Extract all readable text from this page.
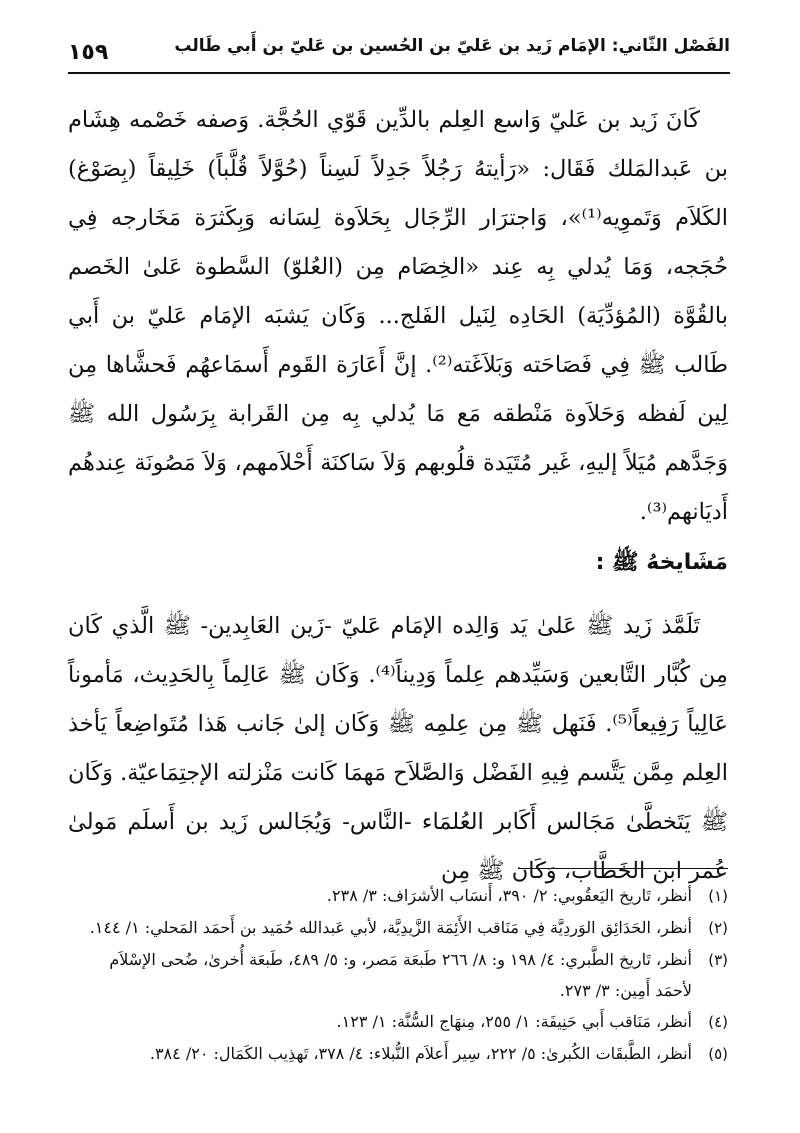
الفَصْل الثّاني: الإمَام زَيد بن عَليّ بن الحُسين بن عَليّ بن أَبي طَالب
١٥٩

كَانَ زَيد بن عَليّ وَاسع العِلم بالدِّين قَوّي الحُجَّة. وَصفه خَصْمه هِشَام بن عَبدالمَلك فَقَال: «رَأيتهُ رَجُلاً جَدِلاً لَسِناً (حُوَّلاً قُلَّباً) خَلِيقاً (بِصَوْغ) الكَلاَم وَتَموِيه⁽¹⁾»، وَاجترَار الرِّجَال بِحَلاَوة لِسَانه وَبِكَثرَة مَخَارجه فِي حُجَجه، وَمَا يُدلي بِه عِند «الخِصَام مِن (العُلوّ) السَّطوة عَلىٰ الخَصم بالقُوَّة (المُؤدِّيَة) الحَادِه لِنَيل الفَلج... وَكَان يَشبَه الإمَام عَليّ بن أَبي طَالب ﷺ فِي فَصَاحَته وَبَلاَغَته⁽²⁾. إنَّ أَعَارَة القَوم أَسمَاعهُم فَحشَّاها مِن لِين لَفظه وَحَلاَوة مَنْطقه مَع مَا يُدلي بِه مِن القَرابة بِرَسُول الله ﷺ وَجَدَّهم مُيَلاً إليهِ، غَير مُتَيَدة قلُوبهم وَلاَ سَاكنَة أَحْلاَمهم، وَلاَ مَصُونَة عِندهُم أَديَانهم⁽³⁾.

مَشَايخهُ ﷺ :

تَلَمَّذ زَيد ﷺ عَلىٰ يَد وَالِده الإمَام عَليّ -زَين العَابِدين- ﷺ الَّذي كَان مِن كُبَّار التَّابعين وَسَيِّدهم عِلماً وَدِيناً⁽⁴⁾. وَكَان ﷺ عَالِماً بِالحَدِيث، مَأموناً عَالِياً رَفِيعاً⁽⁵⁾. فَنَهل ﷺ مِن عِلمِه ﷺ وَكَان إلىٰ جَانب هَذا مُتَواضِعاً يَأخذ العِلم مِمَّن يَتَّسم فِيهِ الفَضْل وَالصَّلاَح مَهمَا كَانت مَنْزلته الإجتِمَاعيّة. وَكَان ﷺ يَتَخطَّىٰ مَجَالس أَكَابر العُلمَاء -النَّاس- وَيُجَالس زَيد بن أَسلَم مَولىٰ عُمر ابن الخَطَّاب، وَكَان ﷺ مِن

(١)
أنظر، تَاريخ اليَعقُوبي: ٢/ ٣٩٠، أَنسَاب الأشرَاف: ٣/ ٢٣٨.
(٢)
أنظر، الحَدَائِق الوَردِيَّة فِي مَنَاقب الأَئِمَة الزَّيدِيَّة، لأبي عَبدالله حُمَيد بن أَحمَد المَحلي: ١/ ١٤٤.
(٣)
أنظر، تَاريخ الطَّبري: ٤/ ١٩٨ و: ٨/ ٢٦٦ طَبعَة مَصر، و: ٥/ ٤٨٩، طَبعَة أُخرىٰ، ضُحى الإسْلاَم لأحمَد أَمِين: ٣/ ٢٧٣.
(٤)
أنظر، مَنَاقب أَبي حَنِيفَة: ١/ ٢٥٥، مِنهَاج السُّنَّة: ١/ ١٢٣.
(٥)
أنظر، الطَّبقَات الكُبرىٰ: ٥/ ٢٢٢، سِير أَعلاَم النُّبلاء: ٤/ ٣٧٨، تَهذِيب الكَمَال: ٢٠/ ٣٨٤.
